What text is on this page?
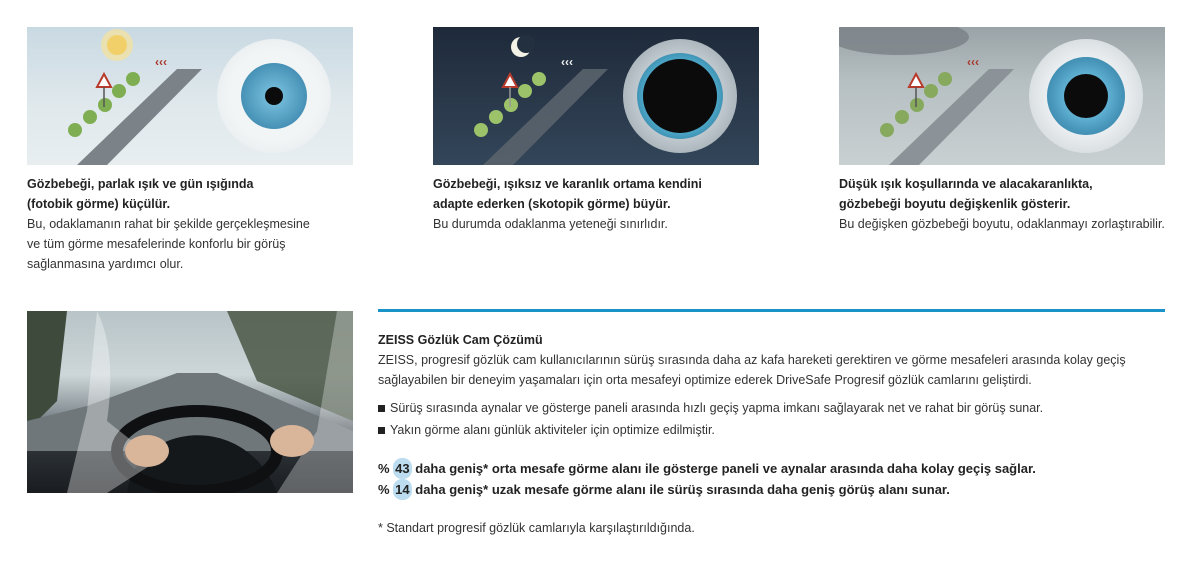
‹‹‹	‹‹‹	‹‹‹
Gözbebeği, parlak ışık ve gün ışığında
(fotobik görme) küçülür.
Bu, odaklamanın rahat bir şekilde gerçekleşmesine
ve tüm görme mesafelerinde konforlu bir görüş
sağlanmasına yardımcı olur.
Gözbebeği, ışıksız ve karanlık ortama kendini
adapte ederken (skotopik görme) büyür.
Bu durumda odaklanma yeteneği sınırlıdır.
Düşük ışık koşullarında ve alacakaranlıkta,
gözbebeği boyutu değişkenlik gösterir.
Bu değişken gözbebeği boyutu, odaklanmayı zorlaştırabilir.
ZEISS Gözlük Cam Çözümü
ZEISS, progresif gözlük cam kullanıcılarının sürüş sırasında daha az kafa hareketi gerektiren ve görme mesafeleri arasında kolay geçiş
sağlayabilen bir deneyim yaşamaları için orta mesafeyi optimize ederek DriveSafe Progresif gözlük camlarını geliştirdi.
Sürüş sırasında aynalar ve gösterge paneli arasında hızlı geçiş yapma imkanı sağlayarak net ve rahat bir görüş sunar.
Yakın görme alanı günlük aktiviteler için optimize edilmiştir.
% 43 daha geniş* orta mesafe görme alanı ile gösterge paneli ve aynalar arasında daha kolay geçiş sağlar.
% 14 daha geniş* uzak mesafe görme alanı ile sürüş sırasında daha geniş görüş alanı sunar.
* Standart progresif gözlük camlarıyla karşılaştırıldığında.
